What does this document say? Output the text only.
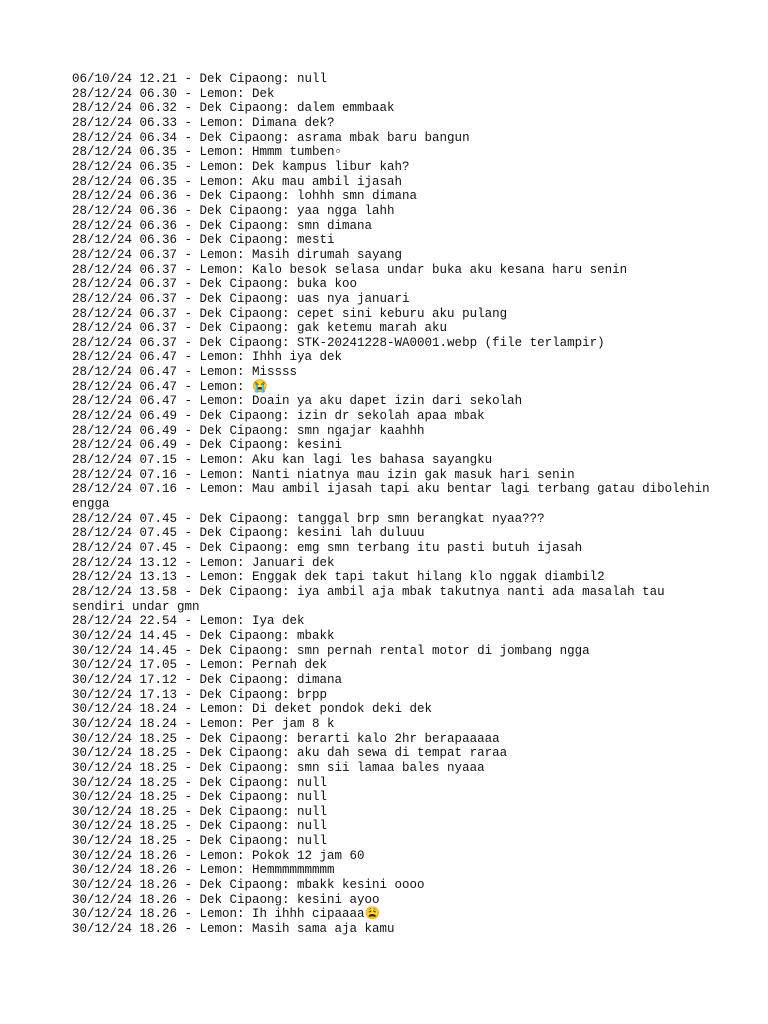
06/10/24 12.21 - Dek Cipaong: null

28/12/24 06.30 - Lemon: Dek

28/12/24 06.32 - Dek Cipaong: dalem emmbaak

28/12/24 06.33 - Lemon: Dimana dek?

28/12/24 06.34 - Dek Cipaong: asrama mbak baru bangun

28/12/24 06.35 - Lemon: Hmmm tumben▫

28/12/24 06.35 - Lemon: Dek kampus libur kah?

28/12/24 06.35 - Lemon: Aku mau ambil ijasah

28/12/24 06.36 - Dek Cipaong: lohhh smn dimana

28/12/24 06.36 - Dek Cipaong: yaa ngga lahh

28/12/24 06.36 - Dek Cipaong: smn dimana

28/12/24 06.36 - Dek Cipaong: mesti

28/12/24 06.37 - Lemon: Masih dirumah sayang

28/12/24 06.37 - Lemon: Kalo besok selasa undar buka aku kesana haru senin

28/12/24 06.37 - Dek Cipaong: buka koo

28/12/24 06.37 - Dek Cipaong: uas nya januari

28/12/24 06.37 - Dek Cipaong: cepet sini keburu aku pulang

28/12/24 06.37 - Dek Cipaong: gak ketemu marah aku

28/12/24 06.37 - Dek Cipaong: STK-20241228-WA0001.webp (file terlampir)

28/12/24 06.47 - Lemon: Ihhh iya dek

28/12/24 06.47 - Lemon: Missss

28/12/24 06.47 - Lemon: 😭

28/12/24 06.47 - Lemon: Doain ya aku dapet izin dari sekolah

28/12/24 06.49 - Dek Cipaong: izin dr sekolah apaa mbak

28/12/24 06.49 - Dek Cipaong: smn ngajar kaahhh

28/12/24 06.49 - Dek Cipaong: kesini

28/12/24 07.15 - Lemon: Aku kan lagi les bahasa sayangku

28/12/24 07.16 - Lemon: Nanti niatnya mau izin gak masuk hari senin

28/12/24 07.16 - Lemon: Mau ambil ijasah tapi aku bentar lagi terbang gatau dibolehin engga

28/12/24 07.45 - Dek Cipaong: tanggal brp smn berangkat nyaa???

28/12/24 07.45 - Dek Cipaong: kesini lah duluuu

28/12/24 07.45 - Dek Cipaong: emg smn terbang itu pasti butuh ijasah

28/12/24 13.12 - Lemon: Januari dek

28/12/24 13.13 - Lemon: Enggak dek tapi takut hilang klo nggak diambil2

28/12/24 13.58 - Dek Cipaong: iya ambil aja mbak takutnya nanti ada masalah tau sendiri undar gmn

28/12/24 22.54 - Lemon: Iya dek

30/12/24 14.45 - Dek Cipaong: mbakk

30/12/24 14.45 - Dek Cipaong: smn pernah rental motor di jombang ngga

30/12/24 17.05 - Lemon: Pernah dek

30/12/24 17.12 - Dek Cipaong: dimana

30/12/24 17.13 - Dek Cipaong: brpp

30/12/24 18.24 - Lemon: Di deket pondok deki dek

30/12/24 18.24 - Lemon: Per jam 8 k

30/12/24 18.25 - Dek Cipaong: berarti kalo 2hr berapaaaaa

30/12/24 18.25 - Dek Cipaong: aku dah sewa di tempat raraa

30/12/24 18.25 - Dek Cipaong: smn sii lamaa bales nyaaa

30/12/24 18.25 - Dek Cipaong: null

30/12/24 18.25 - Dek Cipaong: null

30/12/24 18.25 - Dek Cipaong: null

30/12/24 18.25 - Dek Cipaong: null

30/12/24 18.25 - Dek Cipaong: null

30/12/24 18.26 - Lemon: Pokok 12 jam 60

30/12/24 18.26 - Lemon: Hemmmmmmmmm

30/12/24 18.26 - Dek Cipaong: mbakk kesini oooo

30/12/24 18.26 - Dek Cipaong: kesini ayoo

30/12/24 18.26 - Lemon: Ih ihhh cipaaaa😩

30/12/24 18.26 - Lemon: Masih sama aja kamu
